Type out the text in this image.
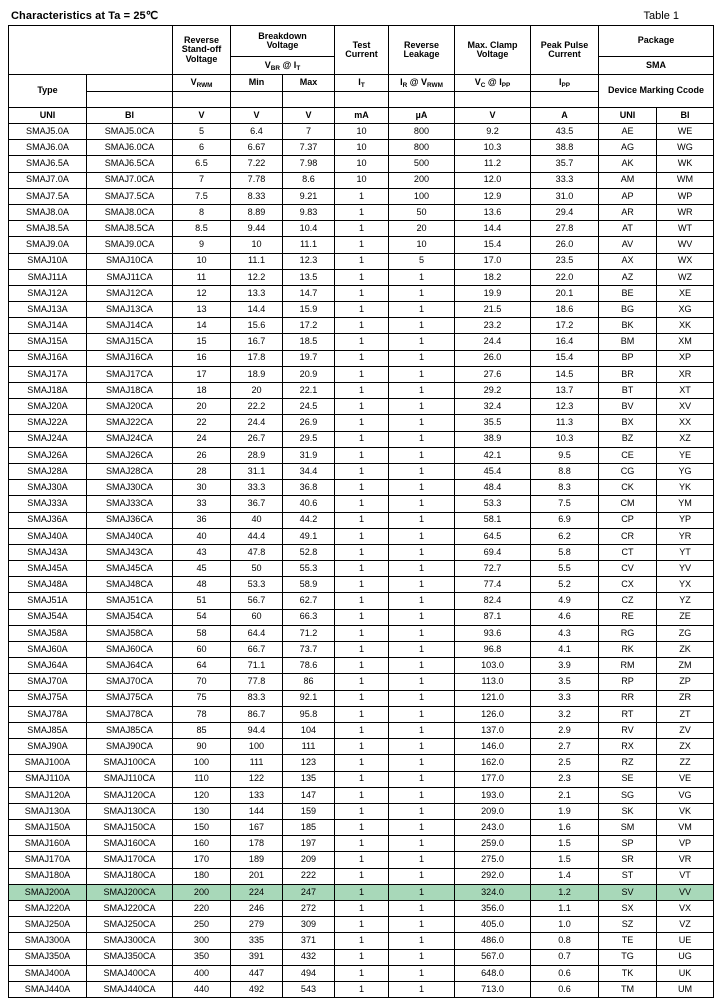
Characteristics at Ta = 25℃	Table 1
		Reverse
Stand-off
Voltage	Breakdown
Voltage		Test
Current	Reverse
Leakage	Max. Clamp
Voltage	Peak Pulse
Current	Package	
			$V_{BR}$ @ $I_T$						SMA	
Type		$V_{RWM}$	Min	Max	$I_T$	$I_R$ @ $V_{RWM}$	$V_C$ @ $I_{PP}$	$I_{PP}$	Device Marking Ccode	

UNI	BI	V	V	V	mA	µA	V	A	UNI	BI
SMAJ5.0A	SMAJ5.0CA	5	6.4	7	10	800	9.2	43.5	AE	WE
SMAJ6.0A	SMAJ6.0CA	6	6.67	7.37	10	800	10.3	38.8	AG	WG
SMAJ6.5A	SMAJ6.5CA	6.5	7.22	7.98	10	500	11.2	35.7	AK	WK
SMAJ7.0A	SMAJ7.0CA	7	7.78	8.6	10	200	12.0	33.3	AM	WM
SMAJ7.5A	SMAJ7.5CA	7.5	8.33	9.21	1	100	12.9	31.0	AP	WP
SMAJ8.0A	SMAJ8.0CA	8	8.89	9.83	1	50	13.6	29.4	AR	WR
SMAJ8.5A	SMAJ8.5CA	8.5	9.44	10.4	1	20	14.4	27.8	AT	WT
SMAJ9.0A	SMAJ9.0CA	9	10	11.1	1	10	15.4	26.0	AV	WV
SMAJ10A	SMAJ10CA	10	11.1	12.3	1	5	17.0	23.5	AX	WX
SMAJ11A	SMAJ11CA	11	12.2	13.5	1	1	18.2	22.0	AZ	WZ
SMAJ12A	SMAJ12CA	12	13.3	14.7	1	1	19.9	20.1	BE	XE
SMAJ13A	SMAJ13CA	13	14.4	15.9	1	1	21.5	18.6	BG	XG
SMAJ14A	SMAJ14CA	14	15.6	17.2	1	1	23.2	17.2	BK	XK
SMAJ15A	SMAJ15CA	15	16.7	18.5	1	1	24.4	16.4	BM	XM
SMAJ16A	SMAJ16CA	16	17.8	19.7	1	1	26.0	15.4	BP	XP
SMAJ17A	SMAJ17CA	17	18.9	20.9	1	1	27.6	14.5	BR	XR
SMAJ18A	SMAJ18CA	18	20	22.1	1	1	29.2	13.7	BT	XT
SMAJ20A	SMAJ20CA	20	22.2	24.5	1	1	32.4	12.3	BV	XV
SMAJ22A	SMAJ22CA	22	24.4	26.9	1	1	35.5	11.3	BX	XX
SMAJ24A	SMAJ24CA	24	26.7	29.5	1	1	38.9	10.3	BZ	XZ
SMAJ26A	SMAJ26CA	26	28.9	31.9	1	1	42.1	9.5	CE	YE
SMAJ28A	SMAJ28CA	28	31.1	34.4	1	1	45.4	8.8	CG	YG
SMAJ30A	SMAJ30CA	30	33.3	36.8	1	1	48.4	8.3	CK	YK
SMAJ33A	SMAJ33CA	33	36.7	40.6	1	1	53.3	7.5	CM	YM
SMAJ36A	SMAJ36CA	36	40	44.2	1	1	58.1	6.9	CP	YP
SMAJ40A	SMAJ40CA	40	44.4	49.1	1	1	64.5	6.2	CR	YR
SMAJ43A	SMAJ43CA	43	47.8	52.8	1	1	69.4	5.8	CT	YT
SMAJ45A	SMAJ45CA	45	50	55.3	1	1	72.7	5.5	CV	YV
SMAJ48A	SMAJ48CA	48	53.3	58.9	1	1	77.4	5.2	CX	YX
SMAJ51A	SMAJ51CA	51	56.7	62.7	1	1	82.4	4.9	CZ	YZ
SMAJ54A	SMAJ54CA	54	60	66.3	1	1	87.1	4.6	RE	ZE
SMAJ58A	SMAJ58CA	58	64.4	71.2	1	1	93.6	4.3	RG	ZG
SMAJ60A	SMAJ60CA	60	66.7	73.7	1	1	96.8	4.1	RK	ZK
SMAJ64A	SMAJ64CA	64	71.1	78.6	1	1	103.0	3.9	RM	ZM
SMAJ70A	SMAJ70CA	70	77.8	86	1	1	113.0	3.5	RP	ZP
SMAJ75A	SMAJ75CA	75	83.3	92.1	1	1	121.0	3.3	RR	ZR
SMAJ78A	SMAJ78CA	78	86.7	95.8	1	1	126.0	3.2	RT	ZT
SMAJ85A	SMAJ85CA	85	94.4	104	1	1	137.0	2.9	RV	ZV
SMAJ90A	SMAJ90CA	90	100	111	1	1	146.0	2.7	RX	ZX
SMAJ100A	SMAJ100CA	100	111	123	1	1	162.0	2.5	RZ	ZZ
SMAJ110A	SMAJ110CA	110	122	135	1	1	177.0	2.3	SE	VE
SMAJ120A	SMAJ120CA	120	133	147	1	1	193.0	2.1	SG	VG
SMAJ130A	SMAJ130CA	130	144	159	1	1	209.0	1.9	SK	VK
SMAJ150A	SMAJ150CA	150	167	185	1	1	243.0	1.6	SM	VM
SMAJ160A	SMAJ160CA	160	178	197	1	1	259.0	1.5	SP	VP
SMAJ170A	SMAJ170CA	170	189	209	1	1	275.0	1.5	SR	VR
SMAJ180A	SMAJ180CA	180	201	222	1	1	292.0	1.4	ST	VT
SMAJ200A	SMAJ200CA	200	224	247	1	1	324.0	1.2	SV	VV
SMAJ220A	SMAJ220CA	220	246	272	1	1	356.0	1.1	SX	VX
SMAJ250A	SMAJ250CA	250	279	309	1	1	405.0	1.0	SZ	VZ
SMAJ300A	SMAJ300CA	300	335	371	1	1	486.0	0.8	TE	UE
SMAJ350A	SMAJ350CA	350	391	432	1	1	567.0	0.7	TG	UG
SMAJ400A	SMAJ400CA	400	447	494	1	1	648.0	0.6	TK	UK
SMAJ440A	SMAJ440CA	440	492	543	1	1	713.0	0.6	TM	UM
